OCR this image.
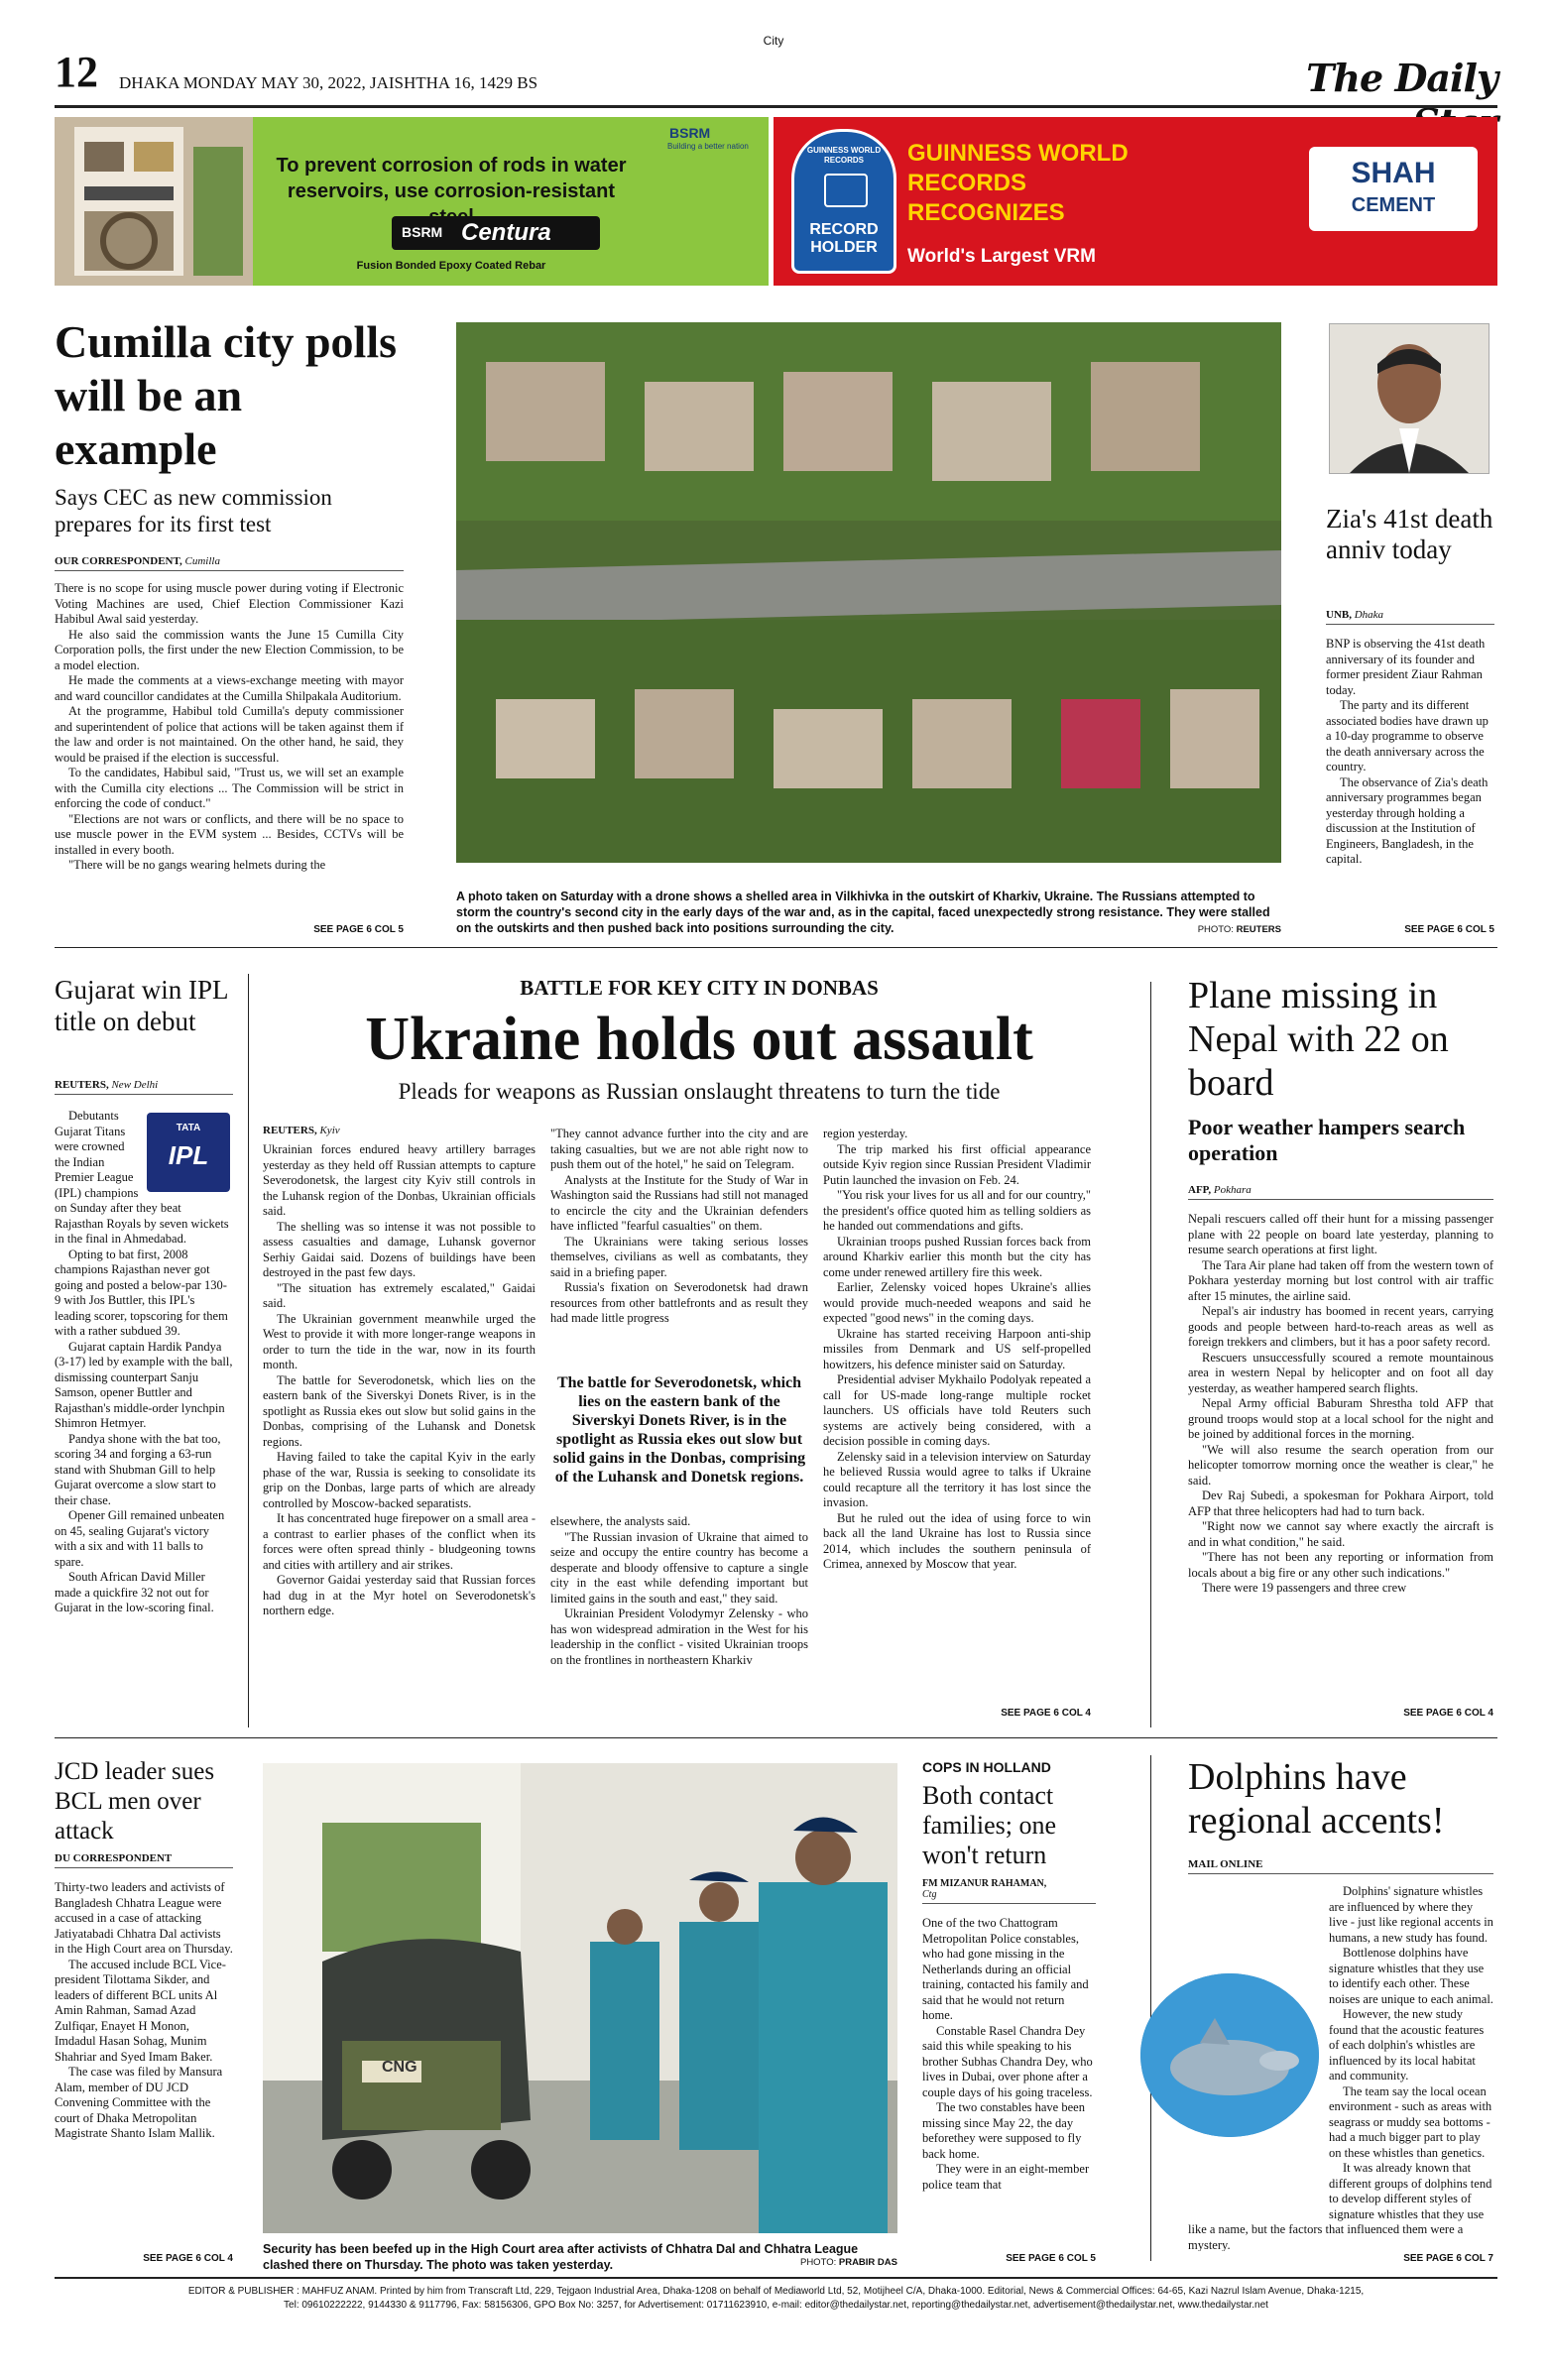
City
12 DHAKA MONDAY MAY 30, 2022, JAISHTHA 16, 1429 BS	The Daily
BSRM
Building a better nation
To prevent corrosion of rods in water reservoirs, use corrosion-resistant
BSRM Centura
Fusion Bonded Epoxy Coated Rebar
GUINNESS WORLD RECORDS
RECORD HOLDER
GUINNESS WORLD RECORDS RECOGNIZES
World's Largest VRM
SHAH
CEMENT
Cumilla city polls will be an example
Says CEC as new commission prepares for its first test
OUR CORRESPONDENT, Cumilla

There is no scope for using muscle power during voting if Electronic Voting Machines are used, Chief Election Commissioner Kazi Habibul Awal said yesterday.

He also said the commission wants the June 15 Cumilla City Corporation polls, the first under the new Election Commission, to be a model election.

He made the comments at a views-exchange meeting with mayor and ward councillor candidates at the Cumilla Shilpakala Auditorium.

At the programme, Habibul told Cumilla's deputy commissioner and superintendent of police that actions will be taken against them if the law and order is not maintained. On the other hand, he said, they would be praised if the election is successful.

To the candidates, Habibul said, "Trust us, we will set an example with the Cumilla city elections ... The Commission will be strict in enforcing the code of conduct."

"Elections are not wars or conflicts, and there will be no space to use muscle power in the EVM system ... Besides, CCTVs will be installed in every booth.

"There will be no gangs wearing helmets during the

SEE PAGE 6 COL 5
A photo taken on Saturday with a drone shows a shelled area in Vilkhivka in the outskirt of Kharkiv, Ukraine. The Russians attempted to storm the country's second city in the early days of the war and, as in the capital, faced unexpectedly strong resistance. They were stalled on the outskirts and then pushed back into positions surrounding the city.	PHOTO: REUTERS
Zia's 41st death anniv today
UNB, Dhaka

BNP is observing the 41st death anniversary of its founder and former president Ziaur Rahman today.

The party and its different associated bodies have drawn up a 10-day programme to observe the death anniversary across the country.

The observance of Zia's death anniversary programmes began yesterday through holding a discussion at the Institution of Engineers, Bangladesh, in the capital.

SEE PAGE 6 COL 5
Gujarat win IPL title on debut
REUTERS, New Delhi
TATA
IPL

Debutants Gujarat Titans were crowned the Indian Premier League (IPL) champions on Sunday after they beat Rajasthan Royals by seven wickets in the final in Ahmedabad.

Opting to bat first, 2008 champions Rajasthan never got going and posted a below-par 130-9 with Jos Buttler, this IPL's leading scorer, topscoring for them with a rather subdued 39.

Gujarat captain Hardik Pandya (3-17) led by example with the ball, dismissing counterpart Sanju Samson, opener Buttler and Rajasthan's middle-order lynchpin Shimron Hetmyer.

Pandya shone with the bat too, scoring 34 and forging a 63-run stand with Shubman Gill to help Gujarat overcome a slow start to their chase.

Opener Gill remained unbeaten on 45, sealing Gujarat's victory with a six and with 11 balls to spare.

South African David Miller made a quickfire 32 not out for Gujarat in the low-scoring final.

BATTLE FOR KEY CITY IN DONBAS
Ukraine holds out assault
Pleads for weapons as Russian onslaught threatens to turn the tide
REUTERS, Kyiv

Ukrainian forces endured heavy artillery barrages yesterday as they held off Russian attempts to capture Severodonetsk, the largest city Kyiv still controls in the Luhansk region of the Donbas, Ukrainian officials said.

The shelling was so intense it was not possible to assess casualties and damage, Luhansk governor Serhiy Gaidai said. Dozens of buildings have been destroyed in the past few days.

"The situation has extremely escalated," Gaidai said.

The Ukrainian government meanwhile urged the West to provide it with more longer-range weapons in order to turn the tide in the war, now in its fourth month.

The battle for Severodonetsk, which lies on the eastern bank of the Siverskyi Donets River, is in the spotlight as Russia ekes out slow but solid gains in the Donbas, comprising of the Luhansk and Donetsk regions.

Having failed to take the capital Kyiv in the early phase of the war, Russia is seeking to consolidate its grip on the Donbas, large parts of which are already controlled by Moscow-backed separatists.

It has concentrated huge firepower on a small area - a contrast to earlier phases of the conflict when its forces were often spread thinly - bludgeoning towns and cities with artillery and air strikes.

Governor Gaidai yesterday said that Russian forces had dug in at the Myr hotel on Severodonetsk's northern edge.

"They cannot advance further into the city and are taking casualties, but we are not able right now to push them out of the hotel," he said on Telegram.

Analysts at the Institute for the Study of War in Washington said the Russians had still not managed to encircle the city and the Ukrainian defenders have inflicted "fearful casualties" on them.

The Ukrainians were taking serious losses themselves, civilians as well as combatants, they said in a briefing paper.

Russia's fixation on Severodonetsk had drawn resources from other battlefronts and as result they had made little progress

The battle for Severodonetsk, which lies on the eastern bank of the Siverskyi Donets River, is in the spotlight as Russia ekes out slow but solid gains in the Donbas, comprising of the Luhansk and Donetsk regions.

elsewhere, the analysts said.

"The Russian invasion of Ukraine that aimed to seize and occupy the entire country has become a desperate and bloody offensive to capture a single city in the east while defending important but limited gains in the south and east," they said.

Ukrainian President Volodymyr Zelensky - who has won widespread admiration in the West for his leadership in the conflict - visited Ukrainian troops on the frontlines in northeastern Kharkiv

region yesterday.

The trip marked his first official appearance outside Kyiv region since Russian President Vladimir Putin launched the invasion on Feb. 24.

"You risk your lives for us all and for our country," the president's office quoted him as telling soldiers as he handed out commendations and gifts.

Ukrainian troops pushed Russian forces back from around Kharkiv earlier this month but the city has come under renewed artillery fire this week.

Earlier, Zelensky voiced hopes Ukraine's allies would provide much-needed weapons and said he expected "good news" in the coming days.

Ukraine has started receiving Harpoon anti-ship missiles from Denmark and US self-propelled howitzers, his defence minister said on Saturday.

Presidential adviser Mykhailo Podolyak repeated a call for US-made long-range multiple rocket launchers. US officials have told Reuters such systems are actively being considered, with a decision possible in coming days.

Zelensky said in a television interview on Saturday he believed Russia would agree to talks if Ukraine could recapture all the territory it has lost since the invasion.

But he ruled out the idea of using force to win back all the land Ukraine has lost to Russia since 2014, which includes the southern peninsula of Crimea, annexed by Moscow that year.

SEE PAGE 6 COL 4
Plane missing in Nepal with 22 on board
Poor weather hampers search operation
AFP, Pokhara

Nepali rescuers called off their hunt for a missing passenger plane with 22 people on board late yesterday, planning to resume search operations at first light.

The Tara Air plane had taken off from the western town of Pokhara yesterday morning but lost control with air traffic after 15 minutes, the airline said.

Nepal's air industry has boomed in recent years, carrying goods and people between hard-to-reach areas as well as foreign trekkers and climbers, but it has a poor safety record.

Rescuers unsuccessfully scoured a remote mountainous area in western Nepal by helicopter and on foot all day yesterday, as weather hampered search flights.

Nepal Army official Baburam Shrestha told AFP that ground troops would stop at a local school for the night and be joined by additional forces in the morning.

"We will also resume the search operation from our helicopter tomorrow morning once the weather is clear," he said.

Dev Raj Subedi, a spokesman for Pokhara Airport, told AFP that three helicopters had had to turn back.

"Right now we cannot say where exactly the aircraft is and in what condition," he said.

"There has not been any reporting or information from locals about a big fire or any other such indications."

There were 19 passengers and three crew

SEE PAGE 6 COL 4
JCD leader sues BCL men over attack
DU CORRESPONDENT

Thirty-two leaders and activists of Bangladesh Chhatra League were accused in a case of attacking Jatiyatabadi Chhatra Dal activists in the High Court area on Thursday.

The accused include BCL Vice-president Tilottama Sikder, and leaders of different BCL units Al Amin Rahman, Samad Azad Zulfiqar, Enayet H Monon, Imdadul Hasan Sohag, Munim Shahriar and Syed Imam Baker.

The case was filed by Mansura Alam, member of DU JCD Convening Committee with the court of Dhaka Metropolitan Magistrate Shanto Islam Mallik.

SEE PAGE 6 COL 4
CNG
Security has been beefed up in the High Court area after activists of Chhatra Dal and Chhatra League clashed there on Thursday. The photo was taken yesterday.	PHOTO: PRABIR DAS
COPS IN HOLLAND
Both contact families; one won't return
FM MIZANUR RAHAMAN,
Ctg

One of the two Chattogram Metropolitan Police constables, who had gone missing in the Netherlands during an official training, contacted his family and said that he would not return home.

Constable Rasel Chandra Dey said this while speaking to his brother Subhas Chandra Dey, who lives in Dubai, over phone after a couple days of his going traceless.

The two constables have been missing since May 22, the day beforethey were supposed to fly back home.

They were in an eight-member police team that

SEE PAGE 6 COL 5
Dolphins have regional accents!
MAIL ONLINE

Dolphins' signature whistles are influenced by where they live - just like regional accents in humans, a new study has found.

Bottlenose dolphins have signature whistles that they use to identify each other. These noises are unique to each animal.

However, the new study found that the acoustic features of each dolphin's whistles are influenced by its local habitat and community.

The team say the local ocean environment - such as areas with seagrass or muddy sea bottoms - had a much bigger part to play on these whistles than genetics.

It was already known that different groups of dolphins tend to develop different styles of signature whistles that they use like a name, but the factors that influenced them were a mystery.

SEE PAGE 6 COL 7
EDITOR & PUBLISHER : MAHFUZ ANAM. Printed by him from Transcraft Ltd, 229, Tejgaon Industrial Area, Dhaka-1208 on behalf of Mediaworld Ltd, 52, Motijheel C/A, Dhaka-1000. Editorial, News & Commercial Offices: 64-65, Kazi Nazrul Islam Avenue, Dhaka-1215,
Tel: 09610222222, 9144330 & 9117796, Fax: 58156306, GPO Box No: 3257, for Advertisement: 01711623910, e-mail: editor@thedailystar.net, reporting@thedailystar.net, advertisement@thedailystar.net, www.thedailystar.net
